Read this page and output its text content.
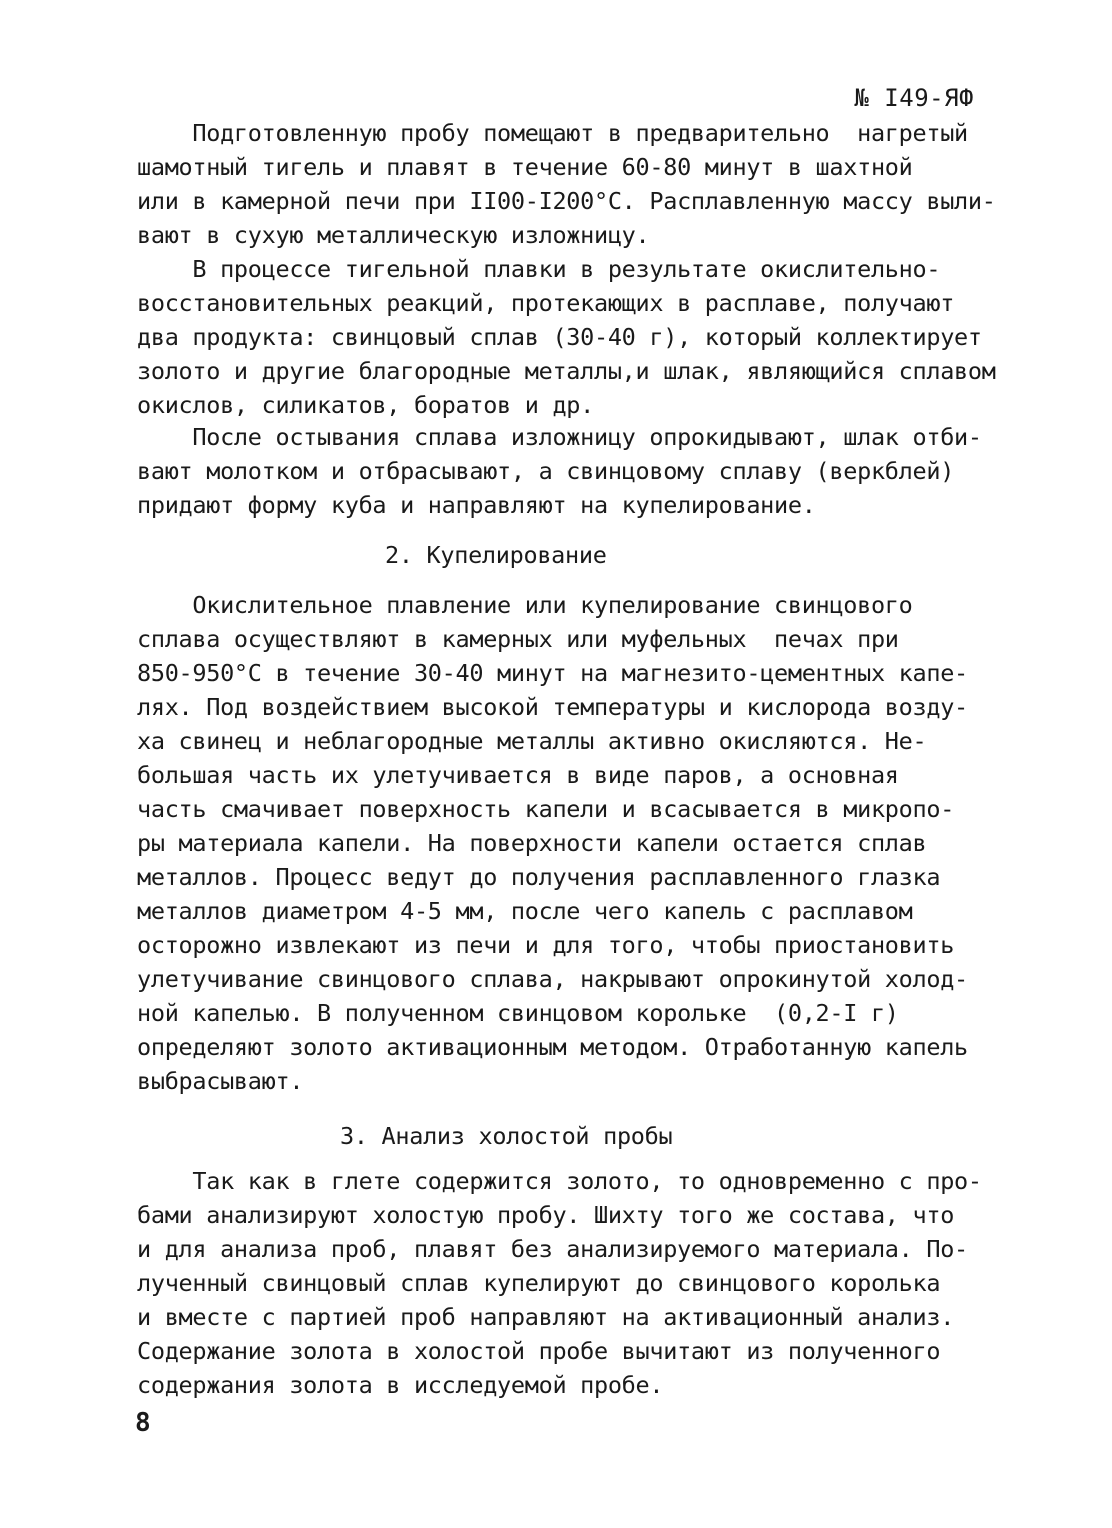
№ I49-ЯФ
Подготовленную пробу помещают в предварительно  нагретый
шамотный тигель и плавят в течение 60-80 минут в шахтной
или в камерной печи при II00-I200°С. Расплавленную массу выли-
вают в сухую металлическую изложницу.
В процессе тигельной плавки в результате окислительно-
восстановительных реакций, протекающих в расплаве, получают
два продукта: свинцовый сплав (30-40 г), который коллектирует
золото и другие благородные металлы,и шлак, являющийся сплавом
окислов, силикатов, боратов и др.
После остывания сплава изложницу опрокидывают, шлак отби-
вают молотком и отбрасывают, а свинцовому сплаву (веркблей)
придают форму куба и направляют на купелирование.
2. Купелирование
Окислительное плавление или купелирование свинцового
сплава осуществляют в камерных или муфельных  печах при
850-950°С в течение 30-40 минут на магнезито-цементных капе-
лях. Под воздействием высокой температуры и кислорода возду-
ха свинец и неблагородные металлы активно окисляются. Не-
большая часть их улетучивается в виде паров, а основная
часть смачивает поверхность капели и всасывается в микропо-
ры материала капели. На поверхности капели остается сплав
металлов. Процесс ведут до получения расплавленного глазка
металлов диаметром 4-5 мм, после чего капель с расплавом
осторожно извлекают из печи и для того, чтобы приостановить
улетучивание свинцового сплава, накрывают опрокинутой холод-
ной капелью. В полученном свинцовом корольке  (0,2-I г)
определяют золото активационным методом. Отработанную капель
выбрасывают.
3. Анализ холостой пробы
Так как в глете содержится золото, то одновременно с про-
бами анализируют холостую пробу. Шихту того же состава, что
и для анализа проб, плавят без анализируемого материала. По-
лученный свинцовый сплав купелируют до свинцового королька
и вместе с партией проб направляют на активационный анализ.
Содержание золота в холостой пробе вычитают из полученного
содержания золота в исследуемой пробе.
8
